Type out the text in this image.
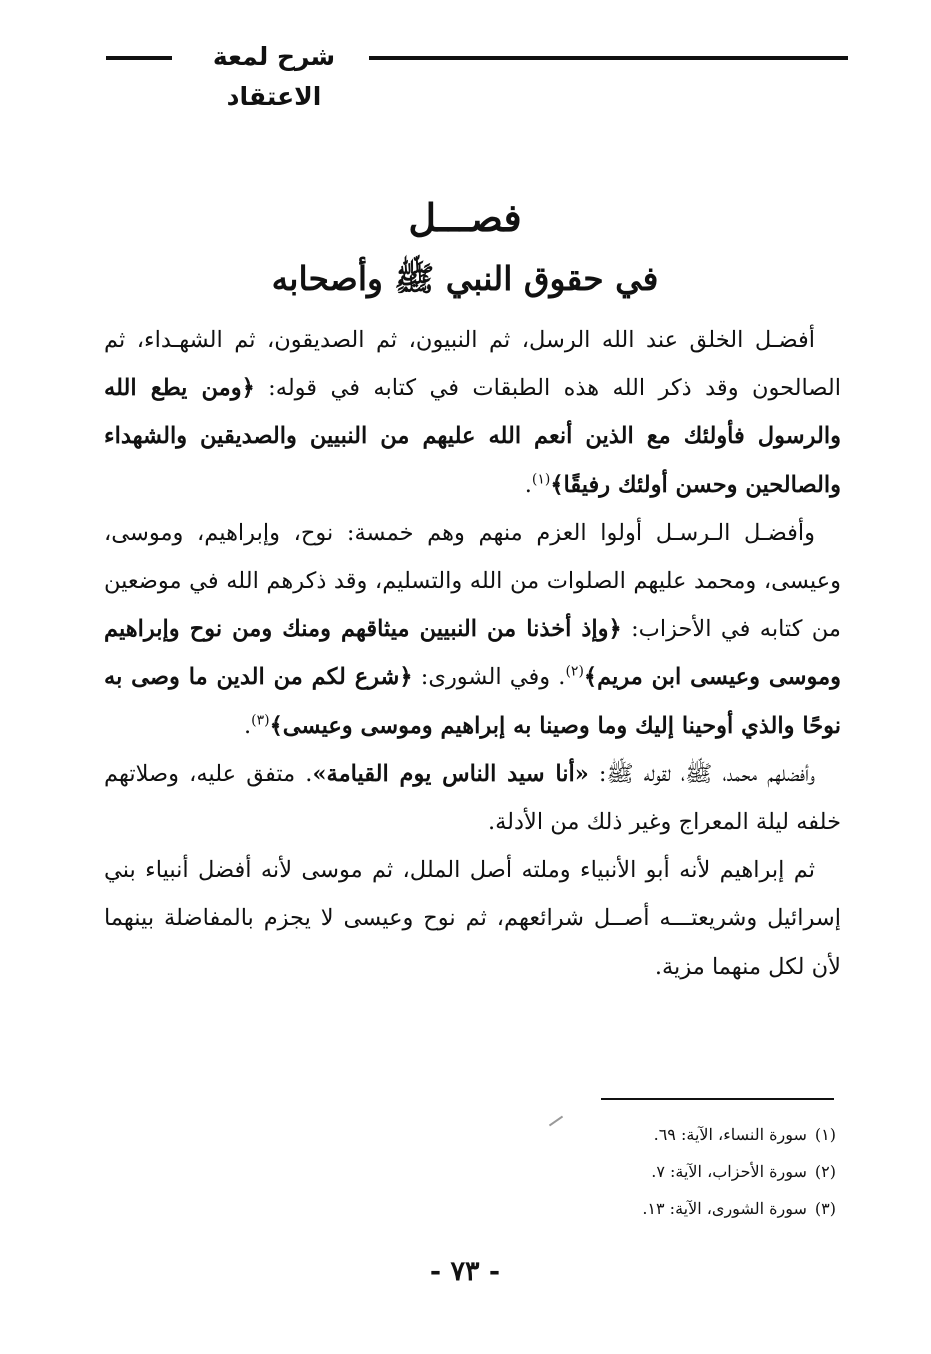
شرح لمعة الاعتقاد
فصـــل
في حقوق النبي ﷺ وأصحابه

أفضـل الخلق عند الله الرسل، ثم النبيون، ثم الصديقون، ثم الشهـداء، ثم الصالحون وقد ذكر الله هذه الطبقات في كتابه في قوله: ﴿ومن يطع الله والرسول فأولئك مع الذين أنعم الله عليهم من النبيين والصديقين والشهداء والصالحين وحسن أولئك رفيقًا﴾$^{(١)}$.

وأفضـل الـرسـل أولوا العزم منهم وهم خمسة: نوح، وإبراهيم، وموسى، وعيسى، ومحمد عليهم الصلوات من الله والتسليم، وقد ذكرهم الله في موضعين من كتابه في الأحزاب: ﴿وإذ أخذنا من النبيين ميثاقهم ومنك ومن نوح وإبراهيم وموسى وعيسى ابن مريم﴾$^{(٢)}$. وفي الشورى: ﴿شرع لكم من الدين ما وصى به نوحًا والذي أوحينا إليك وما وصينا به إبراهيم وموسى وعيسى﴾$^{(٣)}$.

وأفضلهم محمد، ﷺ، لقوله ﷺ: «أنا سيد الناس يوم القيامة». متفق عليه، وصلاتهم خلفه ليلة المعراج وغير ذلك من الأدلة.

ثم إبراهيم لأنه أبو الأنبياء وملته أصل الملل، ثم موسى لأنه أفضل أنبياء بني إسرائيل وشريعتـــه أصــل شرائعهم، ثم نوح وعيسى لا يجزم بالمفاضلة بينهما لأن لكل منهما مزية.

(١)سورة النساء، الآية: ٦٩.
(٢)سورة الأحزاب، الآية: ٧.
(٣)سورة الشورى، الآية: ١٣.
- ٧٣ -
